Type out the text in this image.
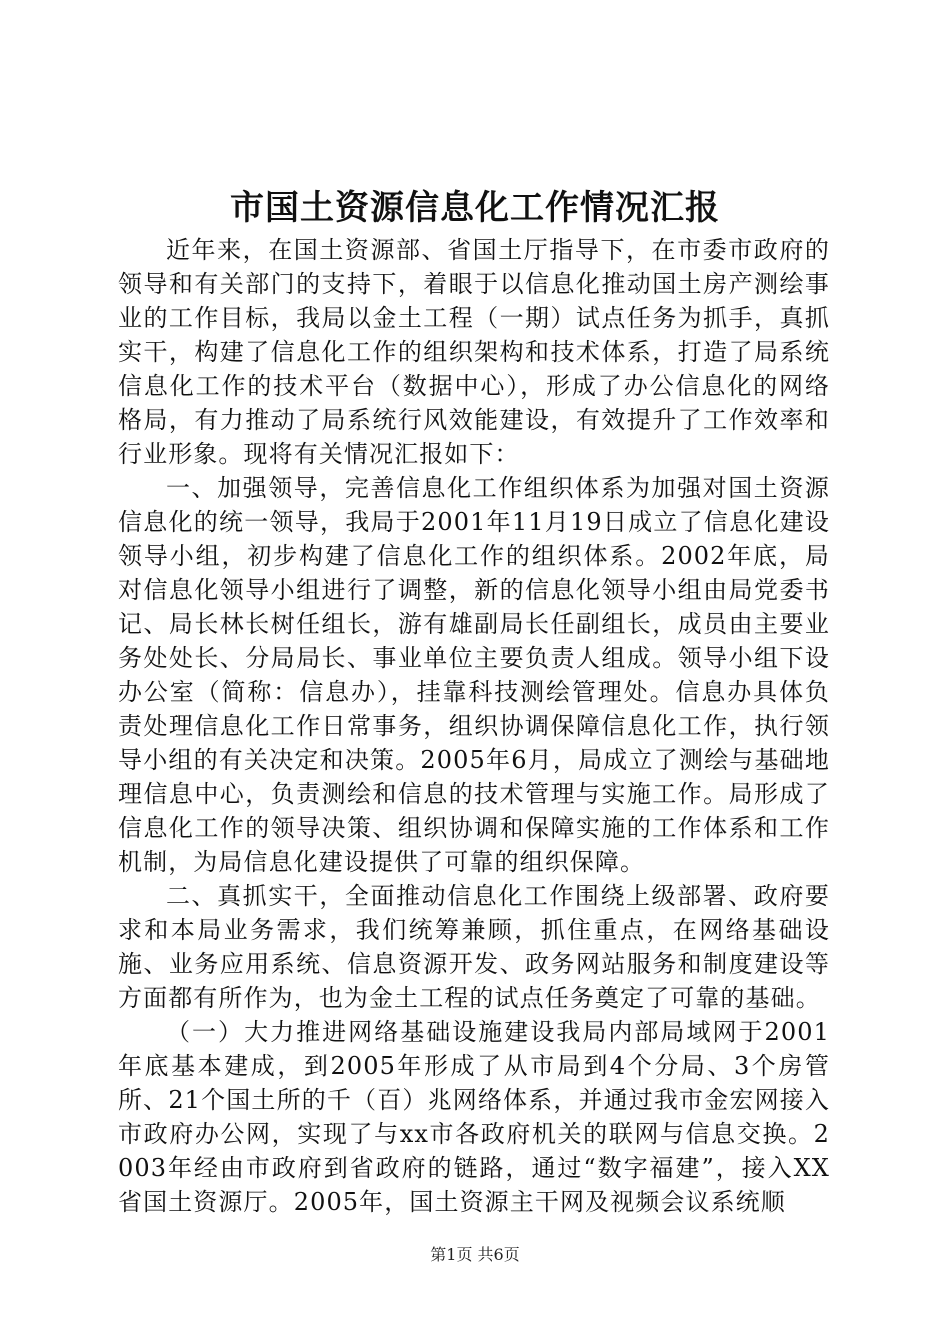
市国土资源信息化工作情况汇报

近年来，在国土资源部、省国土厅指导下，在市委市政府的领导和有关部门的支持下，着眼于以信息化推动国土房产测绘事业的工作目标，我局以金土工程（一期）试点任务为抓手，真抓实干，构建了信息化工作的组织架构和技术体系，打造了局系统信息化工作的技术平台（数据中心），形成了办公信息化的网络格局，有力推动了局系统行风效能建设，有效提升了工作效率和行业形象。现将有关情况汇报如下：

一、加强领导，完善信息化工作组织体系为加强对国土资源信息化的统一领导，我局于2001年11月19日成立了信息化建设领导小组，初步构建了信息化工作的组织体系。2002年底，局对信息化领导小组进行了调整，新的信息化领导小组由局党委书记、局长林长树任组长，游有雄副局长任副组长，成员由主要业务处处长、分局局长、事业单位主要负责人组成。领导小组下设办公室（简称：信息办），挂靠科技测绘管理处。信息办具体负责处理信息化工作日常事务，组织协调保障信息化工作，执行领导小组的有关决定和决策。2005年6月，局成立了测绘与基础地理信息中心，负责测绘和信息的技术管理与实施工作。局形成了信息化工作的领导决策、组织协调和保障实施的工作体系和工作机制，为局信息化建设提供了可靠的组织保障。

二、真抓实干，全面推动信息化工作围绕上级部署、政府要求和本局业务需求，我们统筹兼顾，抓住重点，在网络基础设施、业务应用系统、信息资源开发、政务网站服务和制度建设等方面都有所作为，也为金土工程的试点任务奠定了可靠的基础。

（一）大力推进网络基础设施建设我局内部局域网于2001年底基本建成，到2005年形成了从市局到4个分局、3个房管所、21个国土所的千（百）兆网络体系，并通过我市金宏网接入市政府办公网，实现了与xx市各政府机关的联网与信息交换。2003年经由市政府到省政府的链路，通过“数字福建”，接入XX省国土资源厅。2005年，国土资源主干网及视频会议系统顺

第1页 共6页
